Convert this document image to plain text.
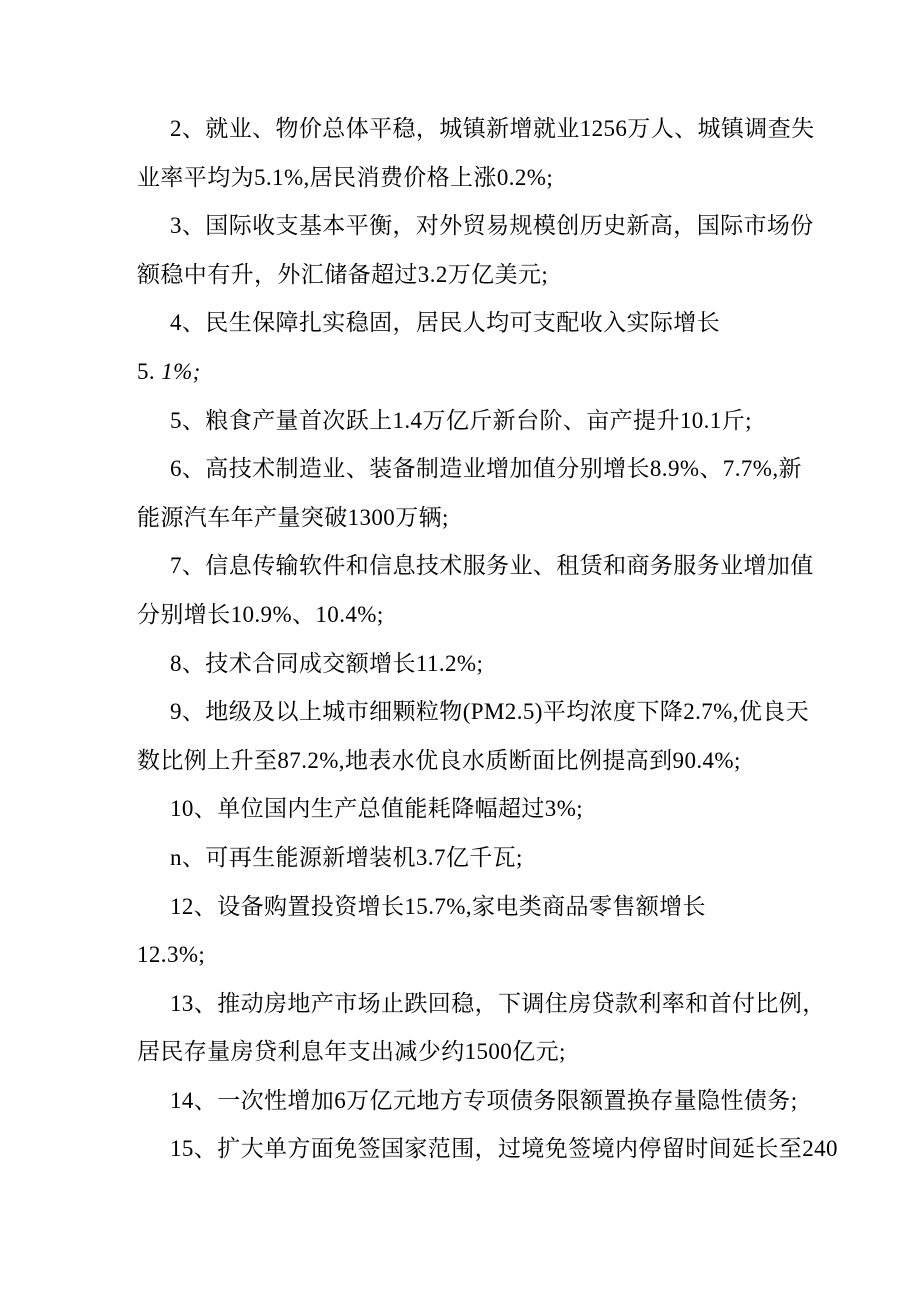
2、就业、物价总体平稳，城镇新增就业1256万人、城镇调查失
业率平均为5.1%,居民消费价格上涨0.2%;
3、国际收支基本平衡，对外贸易规模创历史新高，国际市场份
额稳中有升，外汇储备超过3.2万亿美元;
4、民生保障扎实稳固，居民人均可支配收入实际增长
5. 1%;
5、粮食产量首次跃上1.4万亿斤新台阶、亩产提升10.1斤;
6、高技术制造业、装备制造业增加值分别增长8.9%、7.7%,新
能源汽车年产量突破1300万辆;
7、信息传输软件和信息技术服务业、租赁和商务服务业增加值
分别增长10.9%、10.4%;
8、技术合同成交额增长11.2%;
9、地级及以上城市细颗粒物(PM2.5)平均浓度下降2.7%,优良天
数比例上升至87.2%,地表水优良水质断面比例提高到90.4%;
10、单位国内生产总值能耗降幅超过3%;
n、可再生能源新增装机3.7亿千瓦;
12、设备购置投资增长15.7%,家电类商品零售额增长
12.3%;
13、推动房地产市场止跌回稳，下调住房贷款利率和首付比例，
居民存量房贷利息年支出减少约1500亿元;
14、一次性增加6万亿元地方专项债务限额置换存量隐性债务;
15、扩大单方面免签国家范围，过境免签境内停留时间延长至240
